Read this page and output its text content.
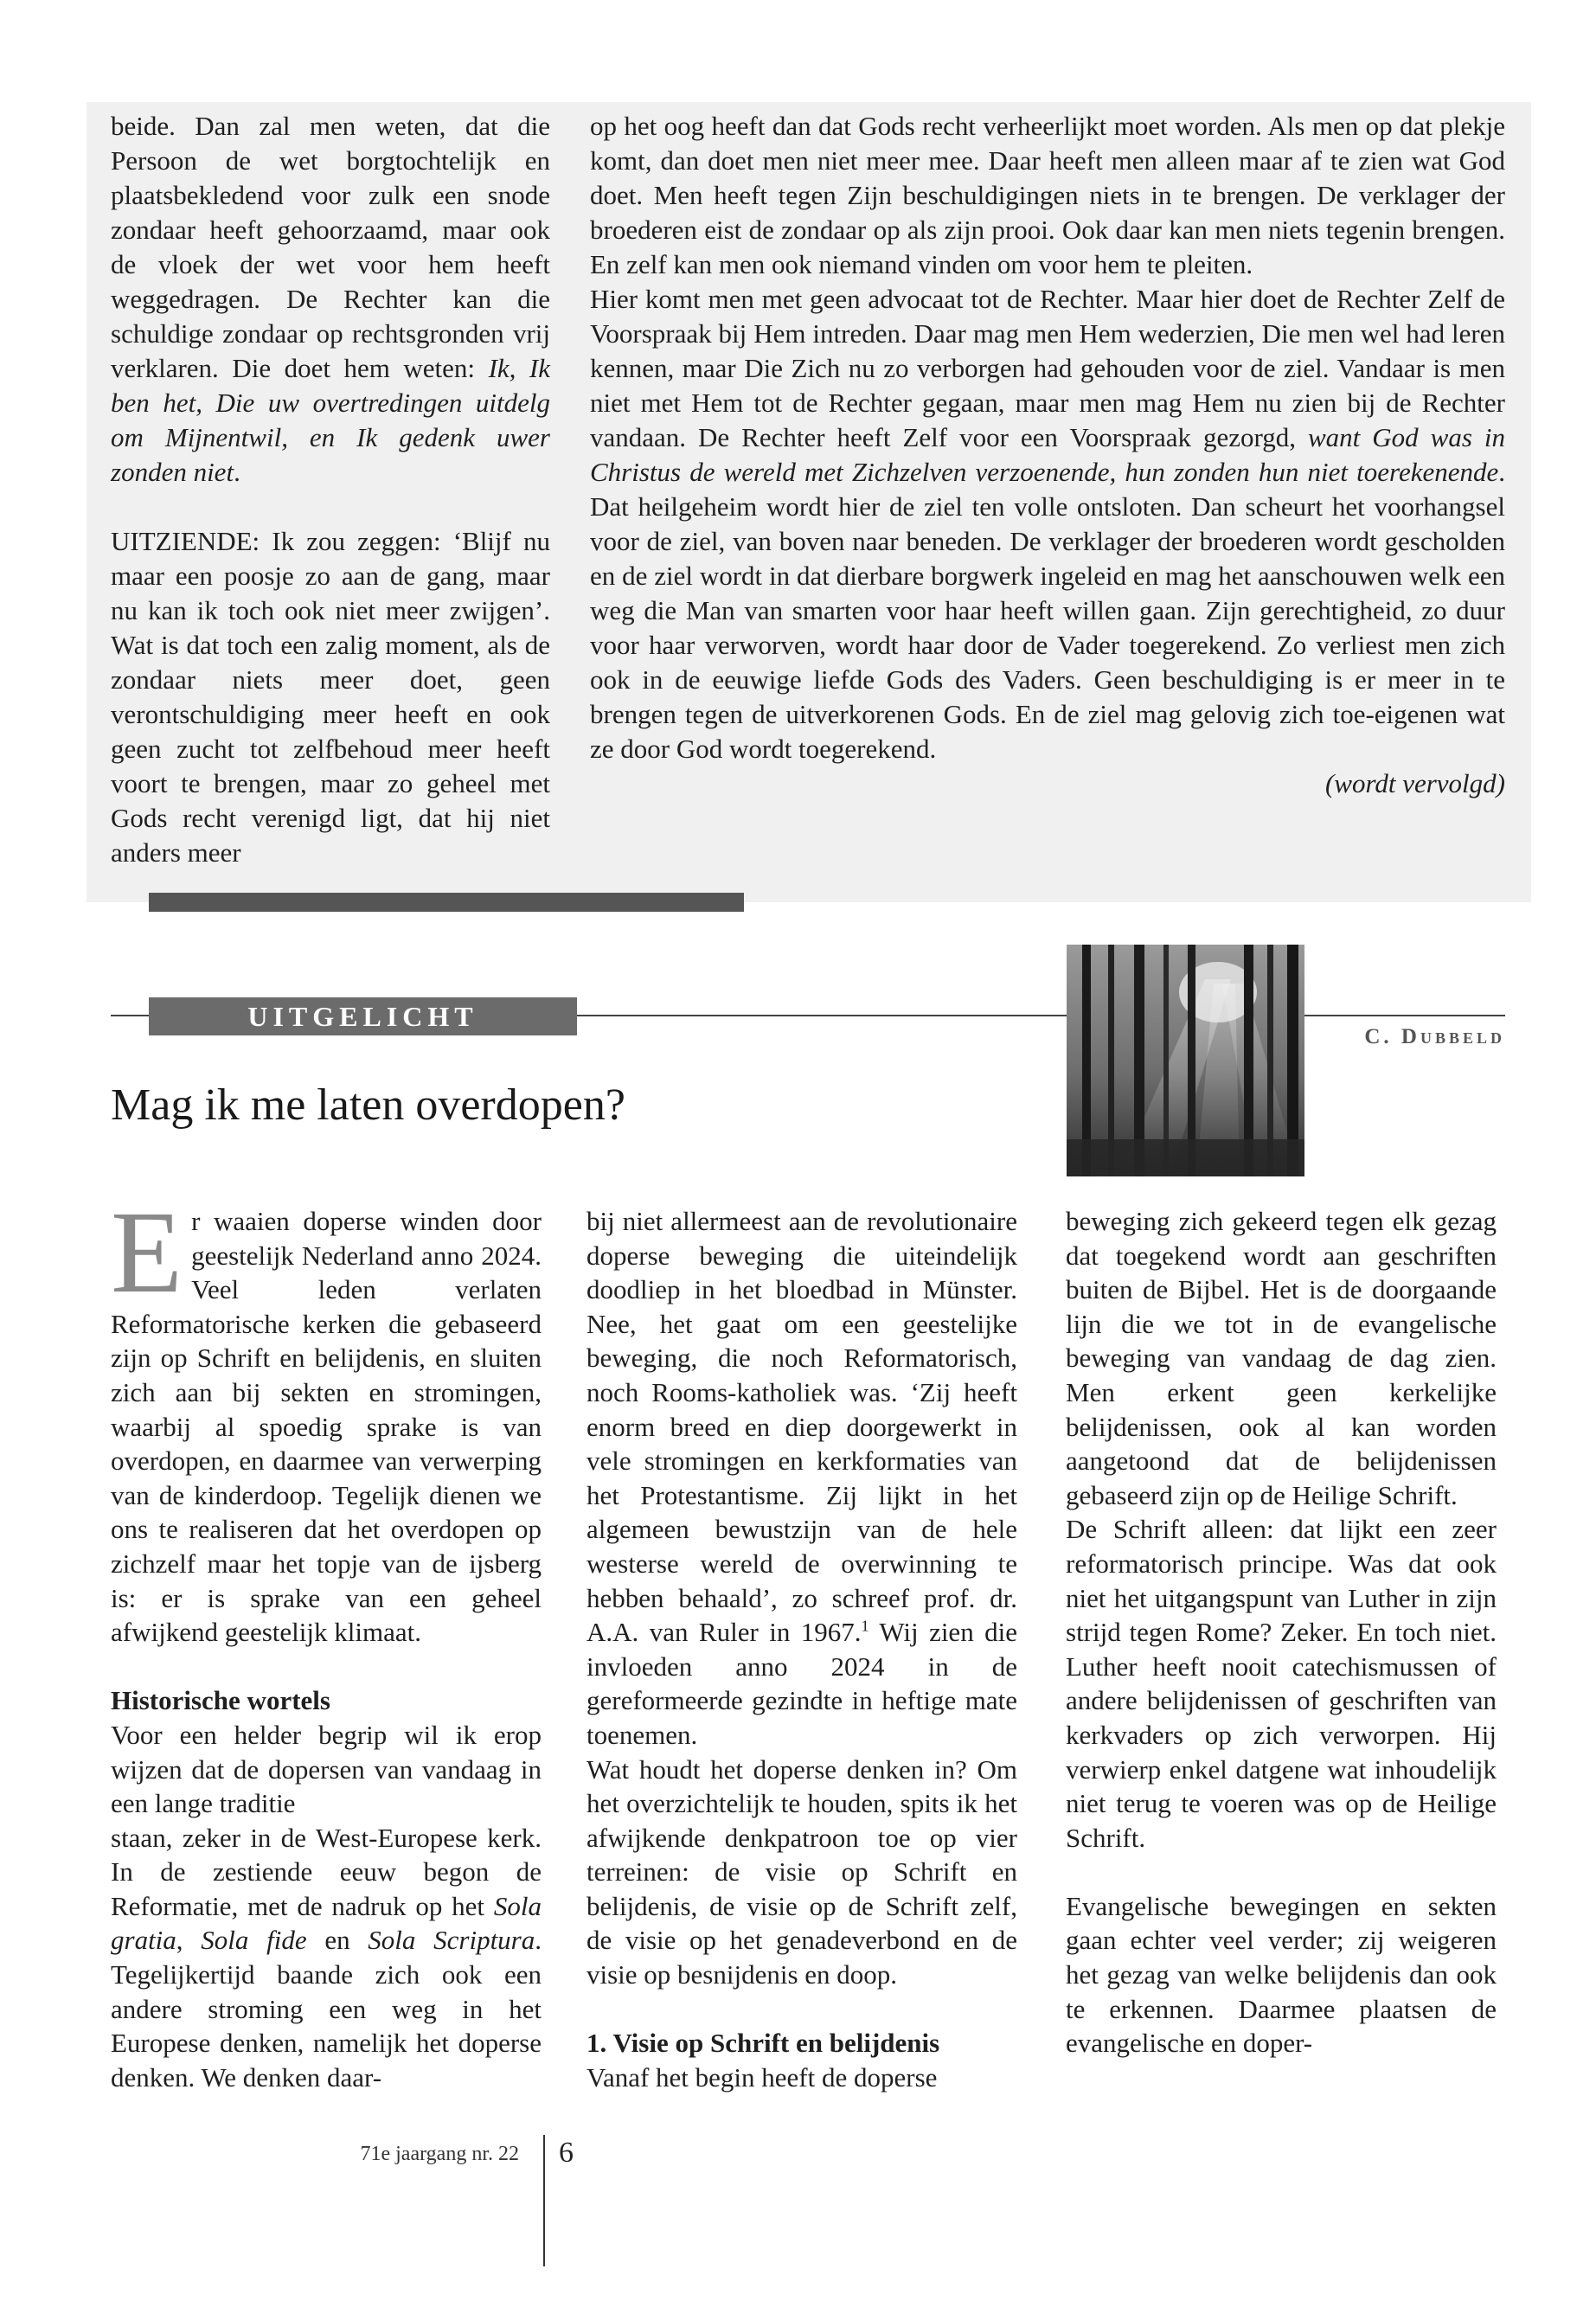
beide. Dan zal men weten, dat die Persoon de wet borgtochtelijk en plaatsbekledend voor zulk een snode zondaar heeft gehoorzaamd, maar ook de vloek der wet voor hem heeft weggedragen. De Rechter kan die schuldige zondaar op rechtsgronden vrij verklaren. Die doet hem weten: Ik, Ik ben het, Die uw overtredingen uitdelg om Mijnentwil, en Ik gedenk uwer zonden niet.

UITZIENDE: Ik zou zeggen: ‘Blijf nu maar een poosje zo aan de gang, maar nu kan ik toch ook niet meer zwijgen’. Wat is dat toch een zalig moment, als de zondaar niets meer doet, geen verontschuldiging meer heeft en ook geen zucht tot zelfbehoud meer heeft voort te brengen, maar zo geheel met Gods recht verenigd ligt, dat hij niet anders meer

op het oog heeft dan dat Gods recht verheerlijkt moet worden. Als men op dat plekje komt, dan doet men niet meer mee. Daar heeft men alleen maar af te zien wat God doet. Men heeft tegen Zijn beschuldigingen niets in te brengen. De verklager der broederen eist de zondaar op als zijn prooi. Ook daar kan men niets tegenin brengen. En zelf kan men ook niemand vinden om voor hem te pleiten.

Hier komt men met geen advocaat tot de Rechter. Maar hier doet de Rechter Zelf de Voorspraak bij Hem intreden. Daar mag men Hem wederzien, Die men wel had leren kennen, maar Die Zich nu zo verborgen had gehouden voor de ziel. Vandaar is men niet met Hem tot de Rechter gegaan, maar men mag Hem nu zien bij de Rechter vandaan. De Rechter heeft Zelf voor een Voorspraak gezorgd, want God was in Christus de wereld met Zichzelven verzoenende, hun zonden hun niet toerekenende. Dat heilgeheim wordt hier de ziel ten volle ontsloten. Dan scheurt het voorhangsel voor de ziel, van boven naar beneden. De verklager der broederen wordt gescholden en de ziel wordt in dat dierbare borgwerk ingeleid en mag het aanschouwen welk een weg die Man van smarten voor haar heeft willen gaan. Zijn gerechtigheid, zo duur voor haar verworven, wordt haar door de Vader toegerekend. Zo verliest men zich ook in de eeuwige liefde Gods des Vaders. Geen beschuldiging is er meer in te brengen tegen de uitverkorenen Gods. En de ziel mag gelovig zich toe-eigenen wat ze door God wordt toegerekend.

(wordt vervolgd)

UITGELICHT
C. Dubbeld
Mag ik me laten overdopen?

Er waaien doperse winden door geestelijk Nederland anno 2024. Veel leden verlaten Reformatorische kerken die gebaseerd zijn op Schrift en belijdenis, en sluiten zich aan bij sekten en stromingen, waarbij al spoedig sprake is van overdopen, en daarmee van verwerping van de kinderdoop. Tegelijk dienen we ons te realiseren dat het overdopen op zichzelf maar het topje van de ijsberg is: er is sprake van een geheel afwijkend geestelijk klimaat.

Historische wortels

Voor een helder begrip wil ik erop wijzen dat de dopersen van vandaag in een lange traditie

staan, zeker in de West-Europese kerk. In de zestiende eeuw begon de Reformatie, met de nadruk op het Sola gratia, Sola fide en Sola Scriptura. Tegelijkertijd baande zich ook een andere stroming een weg in het Europese denken, namelijk het doperse denken. We denken daar-

bij niet allermeest aan de revolutionaire doperse beweging die uiteindelijk doodliep in het bloedbad in Münster. Nee, het gaat om een geestelijke beweging, die noch Reformatorisch, noch Rooms-katholiek was. ‘Zij heeft enorm breed en diep doorgewerkt in vele stromingen en kerkformaties van het Protestantisme. Zij lijkt in het algemeen bewustzijn van de hele westerse wereld de overwinning te hebben behaald’, zo schreef prof. dr. A.A. van Ruler in 1967.$^1$ Wij zien die invloeden anno 2024 in de gereformeerde gezindte in heftige mate toenemen.

Wat houdt het doperse denken in? Om het overzichtelijk te houden, spits ik het afwijkende denkpatroon toe op vier terreinen: de visie op Schrift en belijdenis, de visie op de Schrift zelf, de visie op het genadeverbond en de visie op besnijdenis en doop.

1. Visie op Schrift en belijdenis

Vanaf het begin heeft de doperse

beweging zich gekeerd tegen elk gezag dat toegekend wordt aan geschriften buiten de Bijbel. Het is de doorgaande lijn die we tot in de evangelische beweging van vandaag de dag zien. Men erkent geen kerkelijke belijdenissen, ook al kan worden aangetoond dat de belijdenissen gebaseerd zijn op de Heilige Schrift.

De Schrift alleen: dat lijkt een zeer reformatorisch principe. Was dat ook niet het uitgangspunt van Luther in zijn strijd tegen Rome? Zeker. En toch niet. Luther heeft nooit catechismussen of andere belijdenissen of geschriften van kerkvaders op zich verworpen. Hij verwierp enkel datgene wat inhoudelijk niet terug te voeren was op de Heilige Schrift.

Evangelische bewegingen en sekten gaan echter veel verder; zij weigeren het gezag van welke belijdenis dan ook te erkennen. Daarmee plaatsen de evangelische en doper-

71e jaargang nr. 22 6
